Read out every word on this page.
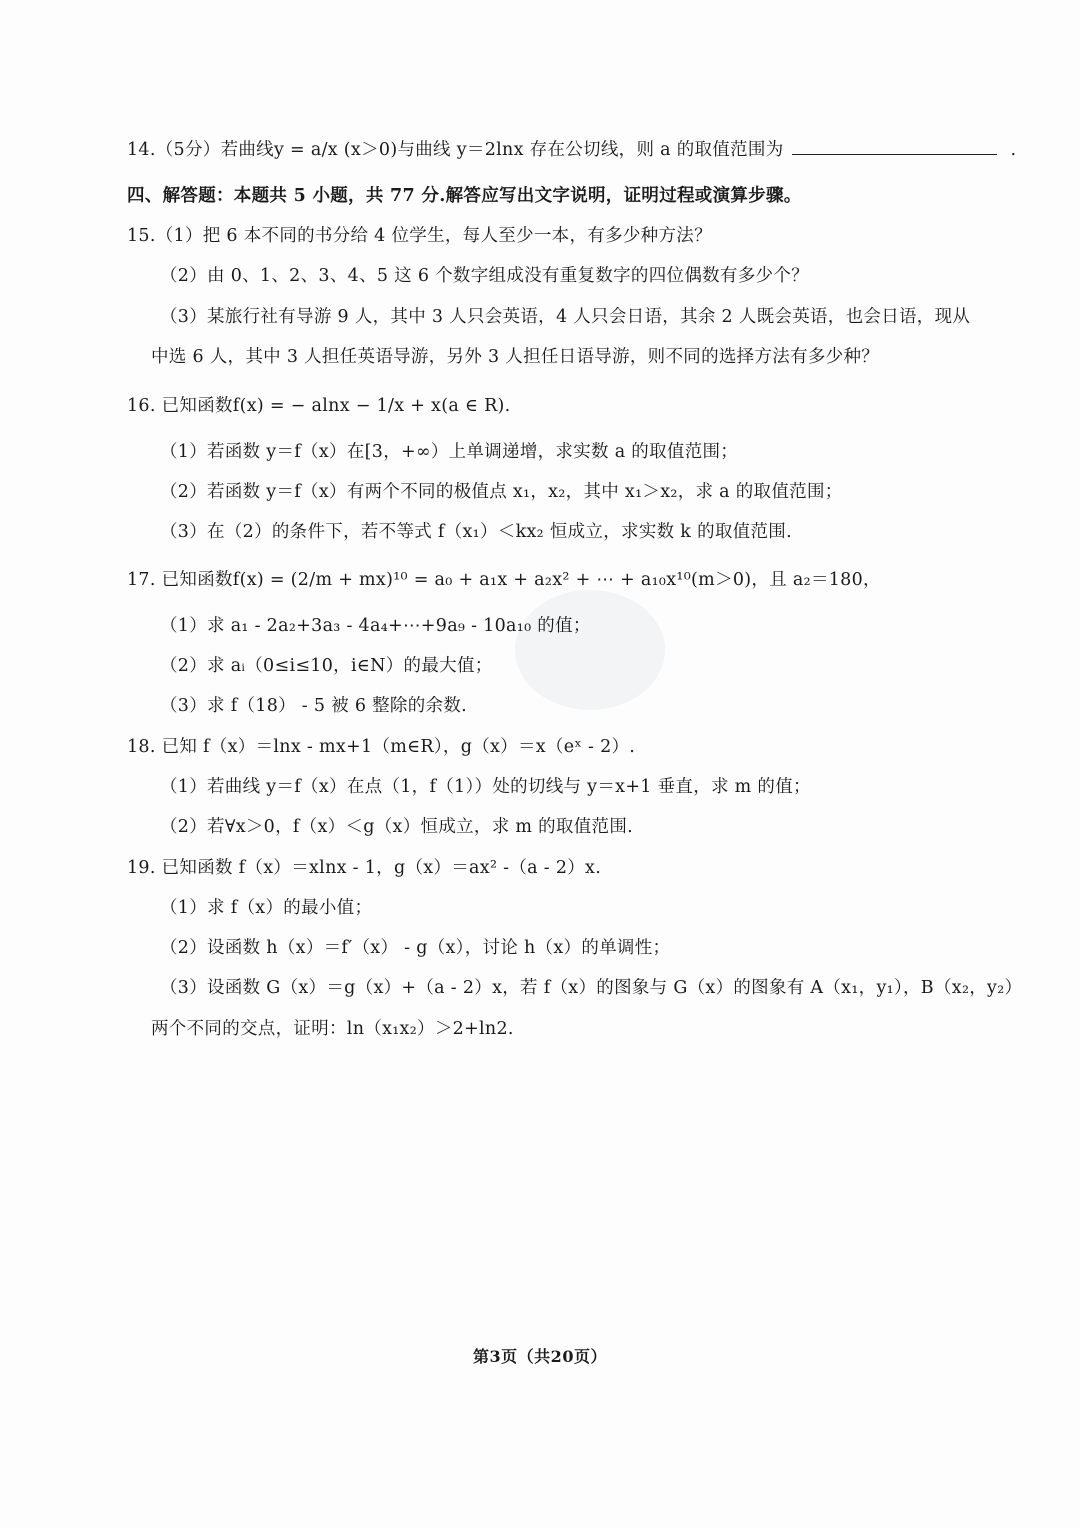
14.（5分）若曲线y = a/x (x＞0)与曲线 y＝2lnx 存在公切线，则 a 的取值范围为	.
四、解答题：本题共 5 小题，共 77 分.解答应写出文字说明，证明过程或演算步骤。
15.（1）把 6 本不同的书分给 4 位学生，每人至少一本，有多少种方法？
（2）由 0、1、2、3、4、5 这 6 个数字组成没有重复数字的四位偶数有多少个？
（3）某旅行社有导游 9 人，其中 3 人只会英语，4 人只会日语，其余 2 人既会英语，也会日语，现从
中选 6 人，其中 3 人担任英语导游，另外 3 人担任日语导游，则不同的选择方法有多少种？
16. 已知函数f(x) = − alnx − 1/x + x(a ∈ R).
（1）若函数 y＝f（x）在[3，+∞）上单调递增，求实数 a 的取值范围；
（2）若函数 y＝f（x）有两个不同的极值点 x₁，x₂，其中 x₁＞x₂，求 a 的取值范围；
（3）在（2）的条件下，若不等式 f（x₁）＜kx₂ 恒成立，求实数 k 的取值范围.
17. 已知函数f(x) = (2/m + mx)¹⁰ = a₀ + a₁x + a₂x² + ⋯ + a₁₀x¹⁰(m＞0)，且 a₂＝180，
（1）求 a₁ - 2a₂+3a₃ - 4a₄+⋯+9a₉ - 10a₁₀ 的值；
（2）求 aᵢ（0≤i≤10，i∈N）的最大值；
（3）求 f（18） - 5 被 6 整除的余数.
18. 已知 f（x）＝lnx - mx+1（m∈R），g（x）＝x（eˣ - 2）.
（1）若曲线 y＝f（x）在点（1，f（1））处的切线与 y＝x+1 垂直，求 m 的值；
（2）若∀x＞0，f（x）＜g（x）恒成立，求 m 的取值范围.
19. 已知函数 f（x）＝xlnx - 1，g（x）＝ax² -（a - 2）x.
（1）求 f（x）的最小值；
（2）设函数 h（x）＝f′（x） - g（x），讨论 h（x）的单调性；
（3）设函数 G（x）＝g（x）+（a - 2）x，若 f（x）的图象与 G（x）的图象有 A（x₁，y₁），B（x₂，y₂）
两个不同的交点，证明：ln（x₁x₂）＞2+ln2.
第3页（共20页）
